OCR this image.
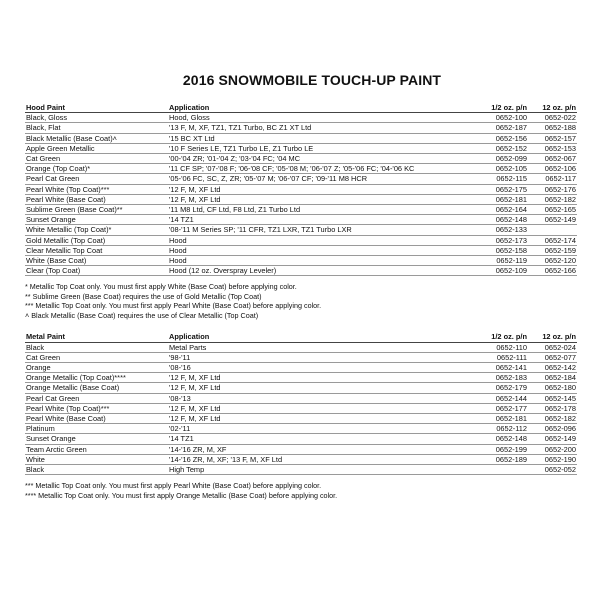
2016 SNOWMOBILE TOUCH-UP PAINT
Hood Paint	Application	1/2 oz. p/n	12 oz. p/n
Black, Gloss	Hood, Gloss	0652-100	0652-022
Black, Flat	'13 F, M, XF, TZ1, TZ1 Turbo, BC Z1 XT Ltd	0652-187	0652-188
Black Metallic (Base Coat)˄	'15 BC XT Ltd	0652-156	0652-157
Apple Green Metallic	'10 F Series LE, TZ1 Turbo LE, Z1 Turbo LE	0652-152	0652-153
Cat Green	'00-'04 ZR; '01-'04 Z; '03-'04 FC; '04 MC	0652-099	0652-067
Orange (Top Coat)*	'11 CF SP; '07-'08 F; '06-'08 CF; '05-'08 M; '06-'07 Z; '05-'06 FC; '04-'06 KC	0652-105	0652-106
Pearl Cat Green	'05-'06 FC, SC, Z, ZR; '05-'07 M; '06-'07 CF; '09-'11 M8 HCR	0652-115	0652-117
Pearl White (Top Coat)***	'12 F, M, XF Ltd	0652-175	0652-176
Pearl White (Base Coat)	'12 F, M, XF Ltd	0652-181	0652-182
Sublime Green (Base Coat)**	'11 M8 Ltd, CF Ltd, F8 Ltd, Z1 Turbo Ltd	0652-164	0652-165
Sunset Orange	'14 TZ1	0652-148	0652-149
White Metallic (Top Coat)*	'08-'11 M Series SP; '11 CFR, TZ1 LXR, TZ1 Turbo LXR	0652-133	
Gold Metallic (Top Coat)	Hood	0652-173	0652-174
Clear Metallic Top Coat	Hood	0652-158	0652-159
White (Base Coat)	Hood	0652-119	0652-120
Clear (Top Coat)	Hood (12 oz. Overspray Leveler)	0652-109	0652-166
* Metallic Top Coat only. You must first apply White (Base Coat) before applying color.
** Sublime Green (Base Coat) requires the use of Gold Metallic (Top Coat)
*** Metallic Top Coat only. You must first apply Pearl White (Base Coat) before applying color.
˄ Black Metallic (Base Coat) requires the use of Clear Metallic (Top Coat)
Metal Paint	Application	1/2 oz. p/n	12 oz. p/n
Black	Metal Parts	0652-110	0652-024
Cat Green	'98-'11	0652-111	0652-077
Orange	'08-'16	0652-141	0652-142
Orange Metallic (Top Coat)****	'12 F, M, XF Ltd	0652-183	0652-184
Orange Metallic (Base Coat)	'12 F, M, XF Ltd	0652-179	0652-180
Pearl Cat Green	'08-'13	0652-144	0652-145
Pearl White (Top Coat)***	'12 F, M, XF Ltd	0652-177	0652-178
Pearl White (Base Coat)	'12 F, M, XF Ltd	0652-181	0652-182
Platinum	'02-'11	0652-112	0652-096
Sunset Orange	'14 TZ1	0652-148	0652-149
Team Arctic Green	'14-'16 ZR, M, XF	0652-199	0652-200
White	'14-'16 ZR, M, XF; '13 F, M, XF Ltd	0652-189	0652-190
Black	High Temp		0652-052
*** Metallic Top Coat only. You must first apply Pearl White (Base Coat) before applying color.
**** Metallic Top Coat only. You must first apply Orange Metallic (Base Coat) before applying color.
